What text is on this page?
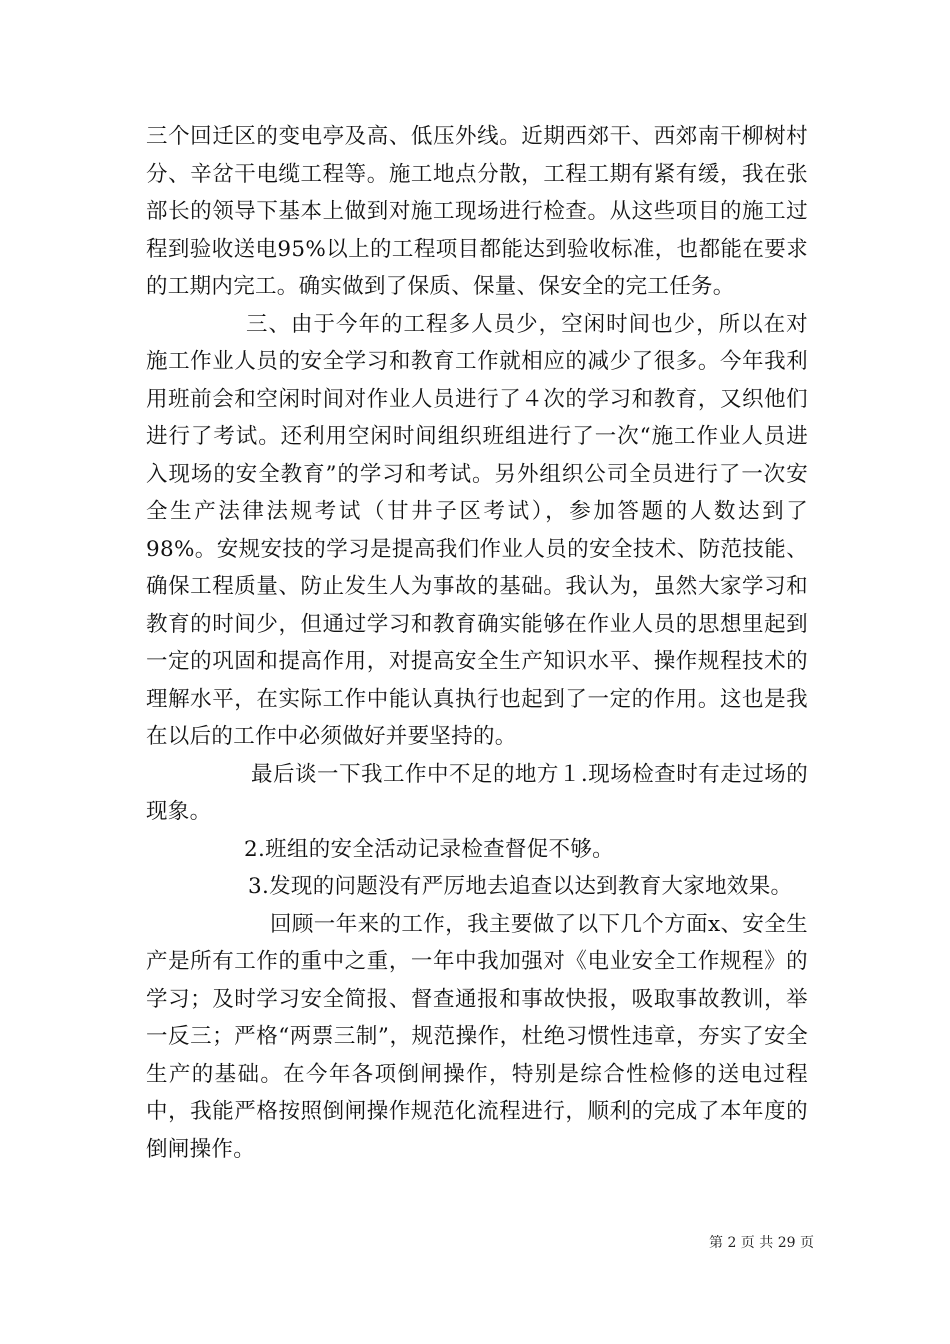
三个回迁区的变电亭及高、低压外线。近期西郊干、西郊南干柳树村分、辛岔干电缆工程等。施工地点分散，工程工期有紧有缓，我在张部长的领导下基本上做到对施工现场进行检查。从这些项目的施工过程到验收送电95%以上的工程项目都能达到验收标准，也都能在要求的工期内完工。确实做到了保质、保量、保安全的完工任务。

三、由于今年的工程多人员少，空闲时间也少，所以在对施工作业人员的安全学习和教育工作就相应的减少了很多。今年我利用班前会和空闲时间对作业人员进行了４次的学习和教育，又织他们进行了考试。还利用空闲时间组织班组进行了一次“施工作业人员进入现场的安全教育”的学习和考试。另外组织公司全员进行了一次安全生产法律法规考试（甘井子区考试），参加答题的人数达到了98%。安规安技的学习是提高我们作业人员的安全技术、防范技能、确保工程质量、防止发生人为事故的基础。我认为，虽然大家学习和教育的时间少，但通过学习和教育确实能够在作业人员的思想里起到一定的巩固和提高作用，对提高安全生产知识水平、操作规程技术的理解水平，在实际工作中能认真执行也起到了一定的作用。这也是我在以后的工作中必须做好并要坚持的。

最后谈一下我工作中不足的地方１.现场检查时有走过场的现象。

2.班组的安全活动记录检查督促不够。

3.发现的问题没有严厉地去追查以达到教育大家地效果。

回顾一年来的工作，我主要做了以下几个方面x、安全生产是所有工作的重中之重，一年中我加强对《电业安全工作规程》的学习；及时学习安全简报、督查通报和事故快报，吸取事故教训，举一反三；严格“两票三制”，规范操作，杜绝习惯性违章，夯实了安全生产的基础。在今年各项倒闸操作，特别是综合性检修的送电过程中，我能严格按照倒闸操作规范化流程进行，顺利的完成了本年度的倒闸操作。

第 2 页 共 29 页
